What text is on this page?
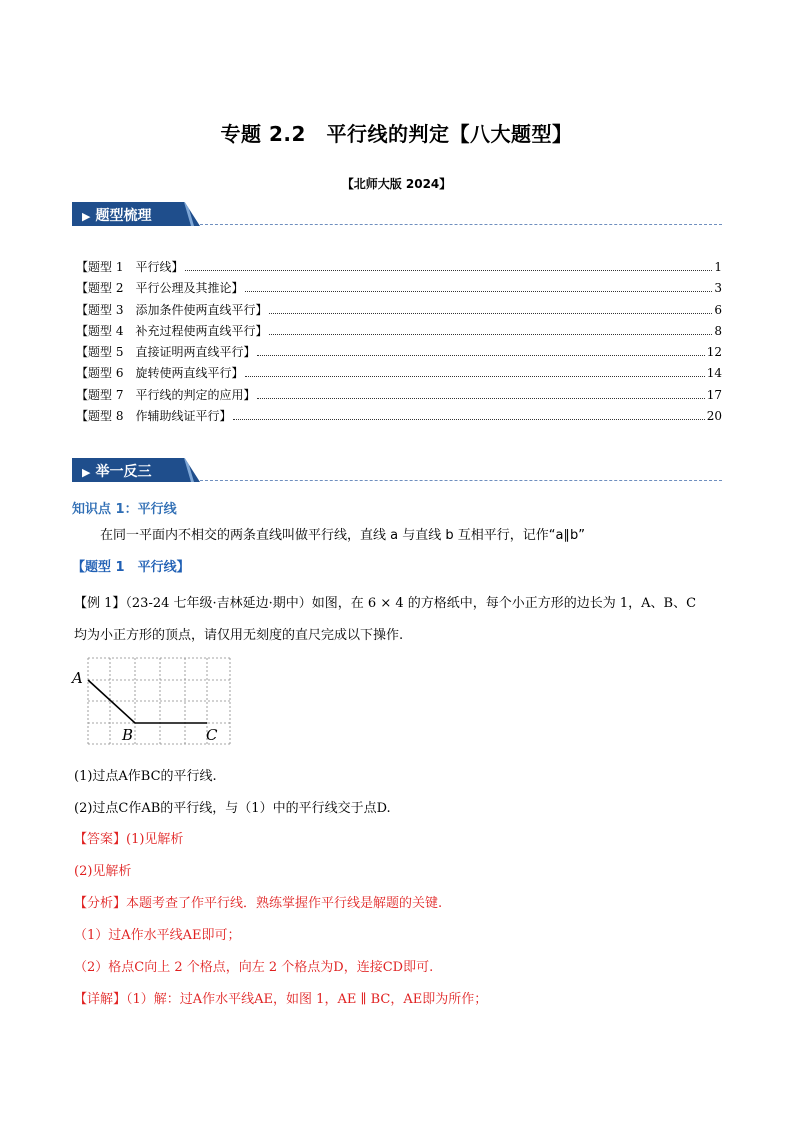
专题 2.2　平行线的判定【八大题型】
【北师大版 2024】
▶ 题型梳理
【题型 1　平行线】	1
【题型 2　平行公理及其推论】	3
【题型 3　添加条件使两直线平行】	6
【题型 4　补充过程使两直线平行】	8
【题型 5　直接证明两直线平行】	12
【题型 6　旋转使两直线平行】	14
【题型 7　平行线的判定的应用】	17
【题型 8　作辅助线证平行】	20
▶ 举一反三
知识点 1：平行线
在同一平面内不相交的两条直线叫做平行线，直线 a 与直线 b 互相平行，记作“a∥b”
【题型 1　平行线】
【例 1】（23-24 七年级·吉林延边·期中）如图，在 6 × 4 的方格纸中，每个小正方形的边长为 1，A、B、C
均为小正方形的顶点，请仅用无刻度的直尺完成以下操作.
A
B	C
(1)过点A作BC的平行线.
(2)过点C作AB的平行线，与（1）中的平行线交于点D.
【答案】(1)见解析
(2)见解析
【分析】本题考查了作平行线．熟练掌握作平行线是解题的关键.
（1）过A作水平线AE即可；
（2）格点C向上 2 个格点，向左 2 个格点为D，连接CD即可.
【详解】（1）解：过A作水平线AE，如图 1，AE ∥ BC，AE即为所作；
